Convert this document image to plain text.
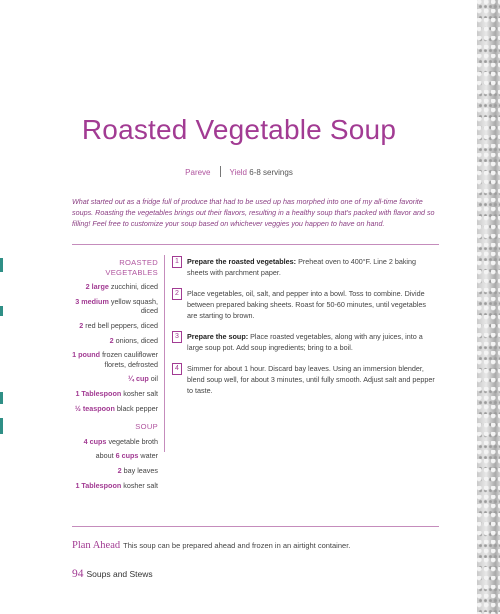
Roasted Vegetable Soup
Pareve Yield 6-8 servings

What started out as a fridge full of produce that had to be used up has morphed into one of my all-time favorite soups. Roasting the vegetables brings out their flavors, resulting in a healthy soup that's packed with flavor and so filling! Feel free to customize your soup based on whichever veggies you happen to have on hand.

ROASTED VEGETABLES
2 large zucchini, diced
3 medium yellow squash, diced
2 red bell peppers, diced
2 onions, diced
1 pound frozen cauliflower florets, defrosted
¼ cup oil
1 Tablespoon kosher salt
½ teaspoon black pepper
SOUP
4 cups vegetable broth
about 6 cups water
2 bay leaves
1 Tablespoon kosher salt
1	Prepare the roasted vegetables: Preheat oven to 400°F. Line 2 baking sheets with parchment paper.
2	Place vegetables, oil, salt, and pepper into a bowl. Toss to combine. Divide between prepared baking sheets. Roast for 50-60 minutes, until vegetables are starting to brown.
3	Prepare the soup: Place roasted vegetables, along with any juices, into a large soup pot. Add soup ingredients; bring to a boil.
4	Simmer for about 1 hour. Discard bay leaves. Using an immersion blender, blend soup well, for about 3 minutes, until fully smooth. Adjust salt and pepper to taste.
Plan Ahead This soup can be prepared ahead and frozen in an airtight container.
94 Soups and Stews
